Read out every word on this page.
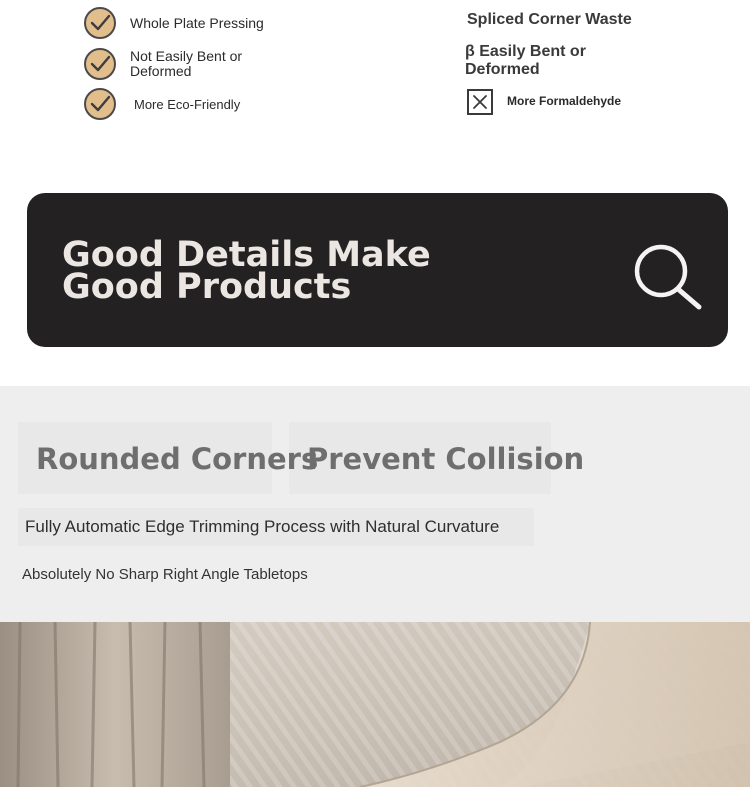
Whole Plate Pressing
Not Easily Bent or Deformed
More Eco-Friendly
Spliced Corner Waste
β Easily Bent or Deformed
More Formaldehyde
Good Details Make Good Products
Rounded Corners
Prevent Collision
Fully Automatic Edge Trimming Process with Natural Curvature
Absolutely No Sharp Right Angle Tabletops
